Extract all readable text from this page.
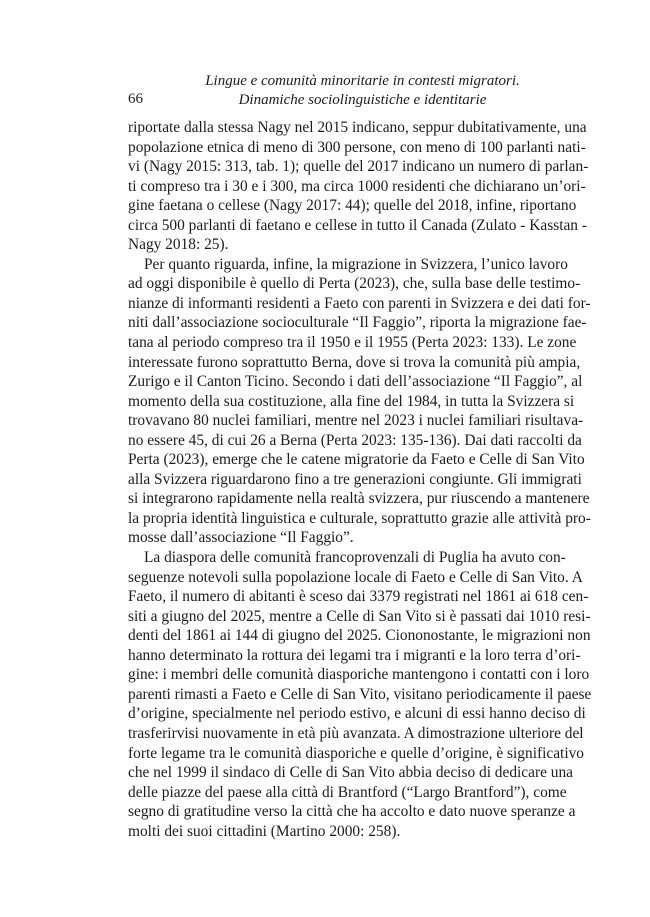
66
Lingue e comunità minoritarie in contesti migratori.
Dinamiche sociolinguistiche e identitarie
riportate dalla stessa Nagy nel 2015 indicano, seppur dubitativamente, una
popolazione etnica di meno di 300 persone, con meno di 100 parlanti nati-
vi (Nagy 2015: 313, tab. 1); quelle del 2017 indicano un numero di parlan-
ti compreso tra i 30 e i 300, ma circa 1000 residenti che dichiarano un’ori-
gine faetana o cellese (Nagy 2017: 44); quelle del 2018, infine, riportano
circa 500 parlanti di faetano e cellese in tutto il Canada (Zulato - Kasstan -
Nagy 2018: 25).
Per quanto riguarda, infine, la migrazione in Svizzera, l’unico lavoro
ad oggi disponibile è quello di Perta (2023), che, sulla base delle testimo-
nianze di informanti residenti a Faeto con parenti in Svizzera e dei dati for-
niti dall’associazione socioculturale “Il Faggio”, riporta la migrazione fae-
tana al periodo compreso tra il 1950 e il 1955 (Perta 2023: 133). Le zone
interessate furono soprattutto Berna, dove si trova la comunità più ampia,
Zurigo e il Canton Ticino. Secondo i dati dell’associazione “Il Faggio”, al
momento della sua costituzione, alla fine del 1984, in tutta la Svizzera si
trovavano 80 nuclei familiari, mentre nel 2023 i nuclei familiari risultava-
no essere 45, di cui 26 a Berna (Perta 2023: 135-136). Dai dati raccolti da
Perta (2023), emerge che le catene migratorie da Faeto e Celle di San Vito
alla Svizzera riguardarono fino a tre generazioni congiunte. Gli immigrati
si integrarono rapidamente nella realtà svizzera, pur riuscendo a mantenere
la propria identità linguistica e culturale, soprattutto grazie alle attività pro-
mosse dall’associazione “Il Faggio”.
La diaspora delle comunità francoprovenzali di Puglia ha avuto con-
seguenze notevoli sulla popolazione locale di Faeto e Celle di San Vito. A
Faeto, il numero di abitanti è sceso dai 3379 registrati nel 1861 ai 618 cen-
siti a giugno del 2025, mentre a Celle di San Vito si è passati dai 1010 resi-
denti del 1861 ai 144 di giugno del 2025. Ciononostante, le migrazioni non
hanno determinato la rottura dei legami tra i migranti e la loro terra d’ori-
gine: i membri delle comunità diasporiche mantengono i contatti con i loro
parenti rimasti a Faeto e Celle di San Vito, visitano periodicamente il paese
d’origine, specialmente nel periodo estivo, e alcuni di essi hanno deciso di
trasferirvisi nuovamente in età più avanzata. A dimostrazione ulteriore del
forte legame tra le comunità diasporiche e quelle d’origine, è significativo
che nel 1999 il sindaco di Celle di San Vito abbia deciso di dedicare una
delle piazze del paese alla città di Brantford (“Largo Brantford”), come
segno di gratitudine verso la città che ha accolto e dato nuove speranze a
molti dei suoi cittadini (Martino 2000: 258).
